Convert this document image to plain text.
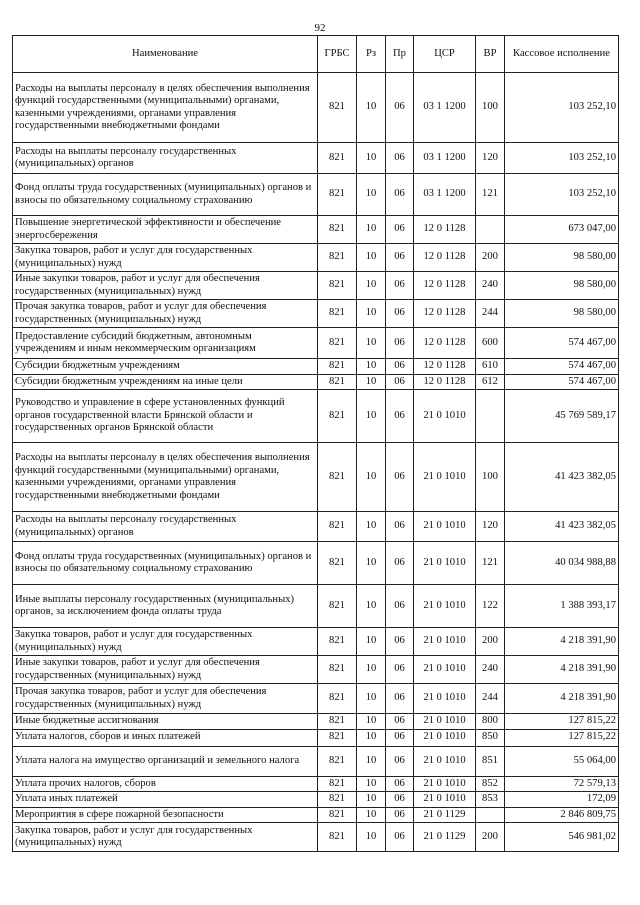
92
Наименование	ГРБС	Рз	Пр	ЦСР	ВР	Кассовое исполнение
Расходы на выплаты персоналу в целях обеспечения выполнения функций государственными (муниципальными) органами, казенными учреждениями, органами управления государственными внебюджетными фондами	821	10	06	03 1 1200	100	103 252,10
Расходы на выплаты персоналу государственных (муниципальных) органов	821	10	06	03 1 1200	120	103 252,10
Фонд оплаты труда государственных (муниципальных) органов и взносы по обязательному социальному страхованию	821	10	06	03 1 1200	121	103 252,10
Повышение энергетической эффективности и обеспечение энергосбережения	821	10	06	12 0 1128		673 047,00
Закупка товаров, работ и услуг для государственных (муниципальных) нужд	821	10	06	12 0 1128	200	98 580,00
Иные закупки товаров, работ и услуг для обеспечения государственных (муниципальных) нужд	821	10	06	12 0 1128	240	98 580,00
Прочая закупка товаров, работ и услуг для обеспечения государственных (муниципальных) нужд	821	10	06	12 0 1128	244	98 580,00
Предоставление субсидий бюджетным, автономным учреждениям и иным некоммерческим организациям	821	10	06	12 0 1128	600	574 467,00
Субсидии бюджетным учреждениям	821	10	06	12 0 1128	610	574 467,00
Субсидии бюджетным учреждениям на иные цели	821	10	06	12 0 1128	612	574 467,00
Руководство и управление в сфере установленных функций органов государственной власти Брянской области и государственных органов Брянской области	821	10	06	21 0 1010		45 769 589,17
Расходы на выплаты персоналу в целях обеспечения выполнения функций государственными (муниципальными) органами, казенными учреждениями, органами управления государственными внебюджетными фондами	821	10	06	21 0 1010	100	41 423 382,05
Расходы на выплаты персоналу государственных (муниципальных) органов	821	10	06	21 0 1010	120	41 423 382,05
Фонд оплаты труда государственных (муниципальных) органов и взносы по обязательному социальному страхованию	821	10	06	21 0 1010	121	40 034 988,88
Иные выплаты персоналу государственных (муниципальных) органов, за исключением фонда оплаты труда	821	10	06	21 0 1010	122	1 388 393,17
Закупка товаров, работ и услуг для государственных (муниципальных) нужд	821	10	06	21 0 1010	200	4 218 391,90
Иные закупки товаров, работ и услуг для обеспечения государственных (муниципальных) нужд	821	10	06	21 0 1010	240	4 218 391,90
Прочая закупка товаров, работ и услуг для обеспечения государственных (муниципальных) нужд	821	10	06	21 0 1010	244	4 218 391,90
Иные бюджетные ассигнования	821	10	06	21 0 1010	800	127 815,22
Уплата налогов, сборов и иных платежей	821	10	06	21 0 1010	850	127 815,22
Уплата налога на имущество организаций и земельного налога	821	10	06	21 0 1010	851	55 064,00
Уплата прочих налогов, сборов	821	10	06	21 0 1010	852	72 579,13
Уплата иных платежей	821	10	06	21 0 1010	853	172,09
Мероприятия в сфере пожарной безопасности	821	10	06	21 0 1129		2 846 809,75
Закупка товаров, работ и услуг для государственных (муниципальных) нужд	821	10	06	21 0 1129	200	546 981,02
